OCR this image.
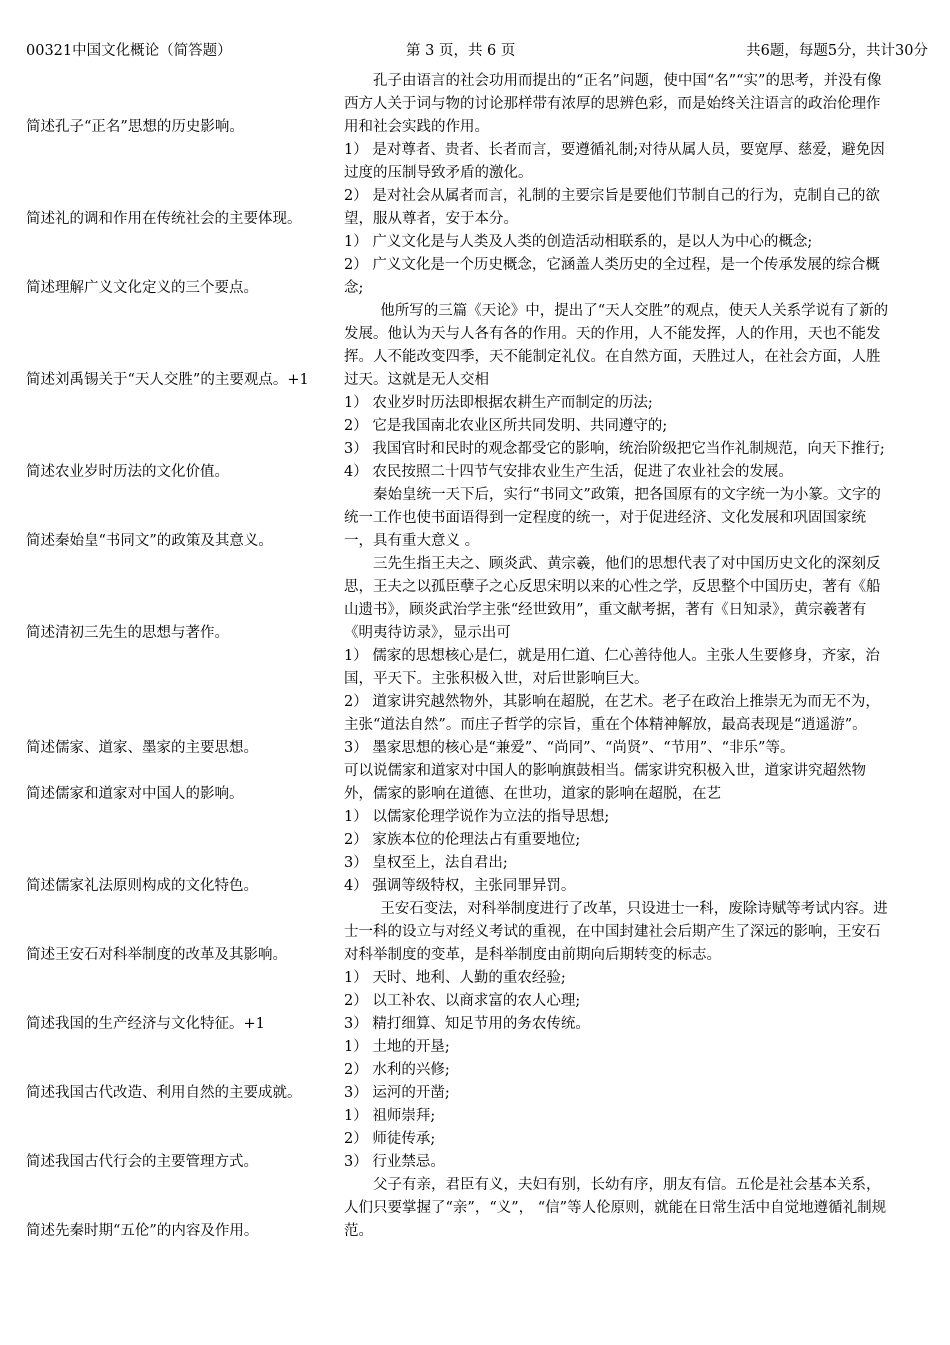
00321中国文化概论（简答题）	第 3 页，共 6 页	共6题，每题5分，共计30分
简述孔子“正名”思想的历史影响。

孔子由语言的社会功用而提出的“正名”问题，使中国“名”“实”的思考，并没有像西方人关于词与物的讨论那样带有浓厚的思辨色彩，而是始终关注语言的政治伦理作用和社会实践的作用。

简述礼的调和作用在传统社会的主要体现。

1） 是对尊者、贵者、长者而言，要遵循礼制;对待从属人员，要宽厚、慈爱，避免因过度的压制导致矛盾的激化。

2） 是对社会从属者而言，礼制的主要宗旨是要他们节制自己的行为，克制自己的欲望，服从尊者，安于本分。

简述理解广义文化定义的三个要点。

1） 广义文化是与人类及人类的创造活动相联系的，是以人为中心的概念;

2） 广义文化是一个历史概念，它涵盖人类历史的全过程，是一个传承发展的综合概念;

简述刘禹锡关于“天人交胜”的主要观点。+1

他所写的三篇《天论》中，提出了“天人交胜”的观点，使天人关系学说有了新的发展。他认为天与人各有各的作用。天的作用，人不能发挥，人的作用，天也不能发挥。人不能改变四季，天不能制定礼仪。在自然方面，天胜过人，在社会方面，人胜过天。这就是无人交相

简述农业岁时历法的文化价值。

1） 农业岁时历法即根据农耕生产而制定的历法;

2） 它是我国南北农业区所共同发明、共同遵守的;

3） 我国官时和民时的观念都受它的影响，统治阶级把它当作礼制规范，向天下推行;

4） 农民按照二十四节气安排农业生产生活，促进了农业社会的发展。

简述秦始皇“书同文”的政策及其意义。

秦始皇统一天下后，实行“书同文”政策，把各国原有的文字统一为小篆。文字的统一工作也使书面语得到一定程度的统一，对于促进经济、文化发展和巩固国家统一，具有重大意义 。

简述清初三先生的思想与著作。

三先生指王夫之、顾炎武、黄宗羲，他们的思想代表了对中国历史文化的深刻反思，王夫之以孤臣孽子之心反思宋明以来的心性之学，反思整个中国历史，著有《船山遗书》，顾炎武治学主张“经世致用”，重文献考据，著有《日知录》，黄宗羲著有《明夷待访录》，显示出可

简述儒家、道家、墨家的主要思想。

1） 儒家的思想核心是仁，就是用仁道、仁心善待他人。主张人生要修身，齐家，治国，平天下。主张积极入世，对后世影响巨大。

2） 道家讲究越然物外，其影响在超脱，在艺术。老子在政治上推崇无为而无不为，主张“道法自然”。而庄子哲学的宗旨，重在个体精神解放，最高表现是“逍遥游”。

3） 墨家思想的核心是“兼爱”、“尚同”、“尚贤”、“节用”、“非乐”等。

简述儒家和道家对中国人的影响。

可以说儒家和道家对中国人的影响旗鼓相当。儒家讲究积极入世，道家讲究超然物外，儒家的影响在道德、在世功，道家的影响在超脱，在艺

简述儒家礼法原则构成的文化特色。

1） 以儒家伦理学说作为立法的指导思想;

2） 家族本位的伦理法占有重要地位;

3） 皇权至上，法自君出;

4） 强调等级特权，主张同罪异罚。

简述王安石对科举制度的改革及其影响。

王安石变法，对科举制度进行了改革，只设进士一科，废除诗赋等考试内容。进士一科的设立与对经义考试的重视，在中国封建社会后期产生了深远的影响，王安石对科举制度的变革，是科举制度由前期向后期转变的标志。

简述我国的生产经济与文化特征。+1

1） 天时、地利、人勤的重农经验;

2） 以工补农、以商求富的农人心理;

3） 精打细算、知足节用的务农传统。

简述我国古代改造、利用自然的主要成就。

1） 土地的开垦;

2） 水利的兴修;

3） 运河的开凿;

简述我国古代行会的主要管理方式。

1） 祖师崇拜;

2） 师徒传承;

3） 行业禁忌。

简述先秦时期“五伦”的内容及作用。

父子有亲，君臣有义，夫妇有别，长幼有序，朋友有信。五伦是社会基本关系，人们只要掌握了“亲”，“义”， “信”等人伦原则，就能在日常生活中自觉地遵循礼制规范。
